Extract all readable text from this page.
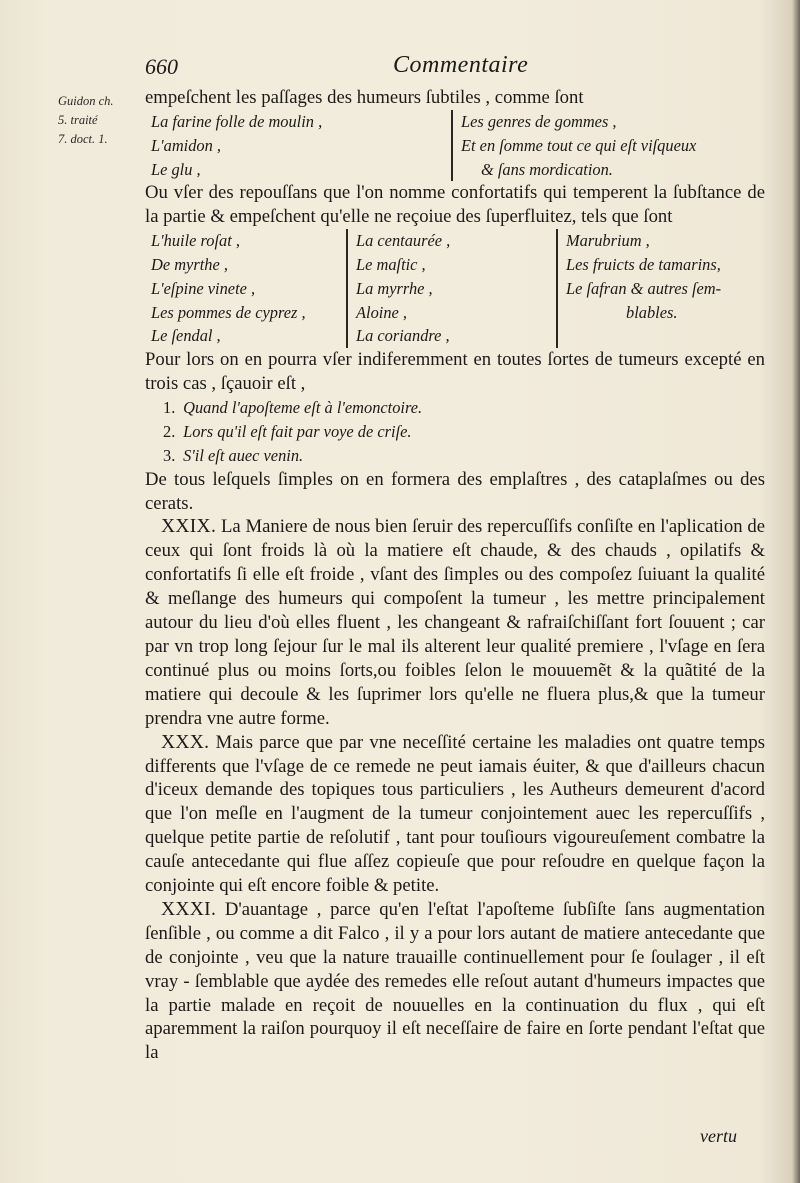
Guidon ch.
5. traité
7. doct. 1.
660	Commentaire

empeſchent les paſſages des humeurs ſubtiles , comme ſont

La farine folle de moulin ,
L'amidon ,
Le glu ,
Les genres de gommes ,
Et en ſomme tout ce qui eſt viſqueux
& ſans mordication.

Ou vſer des repouſſans que l'on nomme confortatifs qui temperent la ſubſtance de la partie & empeſchent qu'elle ne reçoiue des ſuperfluitez, tels que ſont

L'huile roſat ,
De myrthe ,
L'eſpine vinete ,
Les pommes de cyprez ,
Le ſendal ,
La centaurée ,
Le maſtic ,
La myrrhe ,
Aloine ,
La coriandre ,
Marubrium ,
Les fruicts de tamarins,
Le ſafran & autres ſem-
blables.

Pour lors on en pourra vſer indiferemment en toutes ſortes de tumeurs excepté en trois cas , ſçauoir eſt ,

1. Quand l'apoſteme eſt à l'emonctoire.
2. Lors qu'il eſt fait par voye de criſe.
3. S'il eſt auec venin.

De tous leſquels ſimples on en formera des emplaſtres , des cataplaſmes ou des cerats.

XXIX. La Maniere de nous bien ſeruir des repercuſſifs conſiſte en l'aplication de ceux qui ſont froids là où la matiere eſt chaude, & des chauds , opilatifs & confortatifs ſi elle eſt froide , vſant des ſimples ou des compoſez ſuiuant la qualité & meſlange des humeurs qui compoſent la tumeur , les mettre principalement autour du lieu d'où elles fluent , les changeant & rafraiſchiſſant fort ſouuent ; car par vn trop long ſejour ſur le mal ils alterent leur qualité premiere , l'vſage en ſera continué plus ou moins ſorts,ou foibles ſelon le mouuemẽt & la quãtité de la matiere qui decoule & les ſuprimer lors qu'elle ne fluera plus,& que la tumeur prendra vne autre forme.

XXX. Mais parce que par vne neceſſité certaine les maladies ont quatre temps differents que l'vſage de ce remede ne peut iamais éuiter, & que d'ailleurs chacun d'iceux demande des topiques tous particuliers , les Autheurs demeurent d'acord que l'on meſle en l'augment de la tumeur conjointement auec les repercuſſifs , quelque petite partie de reſolutif , tant pour touſiours vigoureuſement combatre la cauſe antecedante qui flue aſſez copieuſe que pour reſoudre en quelque façon la conjointe qui eſt encore foible & petite.

XXXI. D'auantage , parce qu'en l'eſtat l'apoſteme ſubſiſte ſans augmentation ſenſible , ou comme a dit Falco , il y a pour lors autant de matiere antecedante que de conjointe , veu que la nature trauaille continuellement pour ſe ſoulager , il eſt vray - ſemblable que aydée des remedes elle reſout autant d'humeurs impactes que la partie malade en reçoit de nouuelles en la continuation du flux , qui eſt aparemment la raiſon pourquoy il eſt neceſſaire de faire en ſorte pendant l'eſtat que la

vertu
